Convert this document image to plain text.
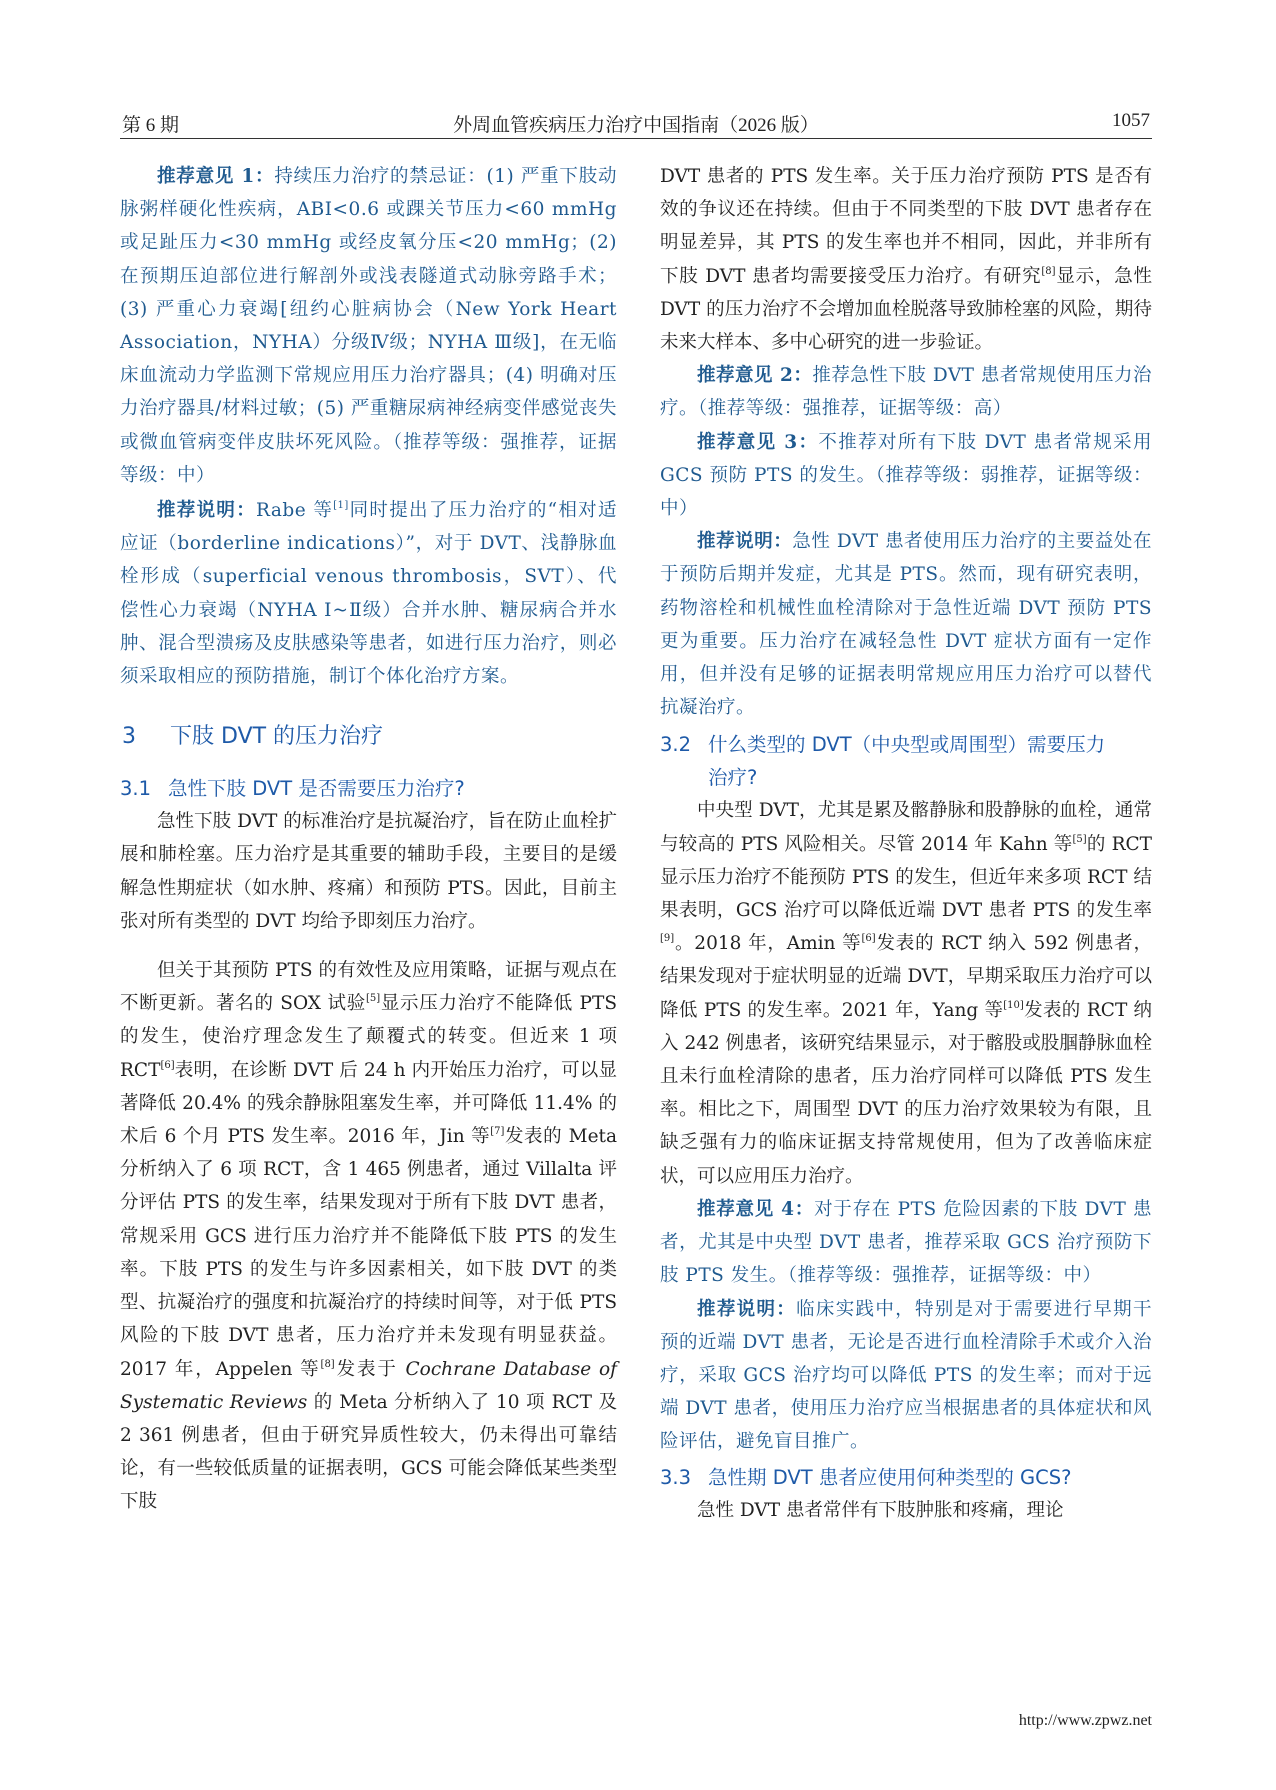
第 6 期	外周血管疾病压力治疗中国指南（2026 版）	1057

推荐意见 1：持续压力治疗的禁忌证：(1) 严重下肢动脉粥样硬化性疾病，ABI<0.6 或踝关节压力<60 mmHg 或足趾压力<30 mmHg 或经皮氧分压<20 mmHg；(2) 在预期压迫部位进行解剖外或浅表隧道式动脉旁路手术；(3) 严重心力衰竭[纽约心脏病协会（New York Heart Association，NYHA）分级Ⅳ级；NYHA Ⅲ级]，在无临床血流动力学监测下常规应用压力治疗器具；(4) 明确对压力治疗器具/材料过敏；(5) 严重糖尿病神经病变伴感觉丧失或微血管病变伴皮肤坏死风险。（推荐等级：强推荐，证据等级：中）

推荐说明：Rabe 等[1]同时提出了压力治疗的“相对适应证（borderline indications）”，对于 DVT、浅静脉血栓形成（superficial venous thrombosis，SVT）、代偿性心力衰竭（NYHA Ⅰ~Ⅱ级）合并水肿、糖尿病合并水肿、混合型溃疡及皮肤感染等患者，如进行压力治疗，则必须采取相应的预防措施，制订个体化治疗方案。

3 下肢 DVT 的压力治疗
3.1 急性下肢 DVT 是否需要压力治疗?

急性下肢 DVT 的标准治疗是抗凝治疗，旨在防止血栓扩展和肺栓塞。压力治疗是其重要的辅助手段，主要目的是缓解急性期症状（如水肿、疼痛）和预防 PTS。因此，目前主张对所有类型的 DVT 均给予即刻压力治疗。

但关于其预防 PTS 的有效性及应用策略，证据与观点在不断更新。著名的 SOX 试验[5]显示压力治疗不能降低 PTS 的发生，使治疗理念发生了颠覆式的转变。但近来 1 项 RCT[6]表明，在诊断 DVT 后 24 h 内开始压力治疗，可以显著降低 20.4% 的残余静脉阻塞发生率，并可降低 11.4% 的术后 6 个月 PTS 发生率。2016 年，Jin 等[7]发表的 Meta 分析纳入了 6 项 RCT，含 1 465 例患者，通过 Villalta 评分评估 PTS 的发生率，结果发现对于所有下肢 DVT 患者，常规采用 GCS 进行压力治疗并不能降低下肢 PTS 的发生率。下肢 PTS 的发生与许多因素相关，如下肢 DVT 的类型、抗凝治疗的强度和抗凝治疗的持续时间等，对于低 PTS 风险的下肢 DVT 患者，压力治疗并未发现有明显获益。2017 年，Appelen 等[8]发表于 Cochrane Database of Systematic Reviews 的 Meta 分析纳入了 10 项 RCT 及 2 361 例患者，但由于研究异质性较大，仍未得出可靠结论，有一些较低质量的证据表明，GCS 可能会降低某些类型下肢

DVT 患者的 PTS 发生率。关于压力治疗预防 PTS 是否有效的争议还在持续。但由于不同类型的下肢 DVT 患者存在明显差异，其 PTS 的发生率也并不相同，因此，并非所有下肢 DVT 患者均需要接受压力治疗。有研究[8]显示，急性 DVT 的压力治疗不会增加血栓脱落导致肺栓塞的风险，期待未来大样本、多中心研究的进一步验证。

推荐意见 2：推荐急性下肢 DVT 患者常规使用压力治疗。（推荐等级：强推荐，证据等级：高）

推荐意见 3：不推荐对所有下肢 DVT 患者常规采用 GCS 预防 PTS 的发生。（推荐等级：弱推荐，证据等级：中）

推荐说明：急性 DVT 患者使用压力治疗的主要益处在于预防后期并发症，尤其是 PTS。然而，现有研究表明，药物溶栓和机械性血栓清除对于急性近端 DVT 预防 PTS 更为重要。压力治疗在减轻急性 DVT 症状方面有一定作用，但并没有足够的证据表明常规应用压力治疗可以替代抗凝治疗。

3.2 什么类型的 DVT（中央型或周围型）需要压力
治疗?

中央型 DVT，尤其是累及髂静脉和股静脉的血栓，通常与较高的 PTS 风险相关。尽管 2014 年 Kahn 等[5]的 RCT 显示压力治疗不能预防 PTS 的发生，但近年来多项 RCT 结果表明，GCS 治疗可以降低近端 DVT 患者 PTS 的发生率[9]。2018 年，Amin 等[6]发表的 RCT 纳入 592 例患者，结果发现对于症状明显的近端 DVT，早期采取压力治疗可以降低 PTS 的发生率。2021 年，Yang 等[10]发表的 RCT 纳入 242 例患者，该研究结果显示，对于髂股或股腘静脉血栓且未行血栓清除的患者，压力治疗同样可以降低 PTS 发生率。相比之下，周围型 DVT 的压力治疗效果较为有限，且缺乏强有力的临床证据支持常规使用，但为了改善临床症状，可以应用压力治疗。

推荐意见 4：对于存在 PTS 危险因素的下肢 DVT 患者，尤其是中央型 DVT 患者，推荐采取 GCS 治疗预防下肢 PTS 发生。（推荐等级：强推荐，证据等级：中）

推荐说明：临床实践中，特别是对于需要进行早期干预的近端 DVT 患者，无论是否进行血栓清除手术或介入治疗，采取 GCS 治疗均可以降低 PTS 的发生率；而对于远端 DVT 患者，使用压力治疗应当根据患者的具体症状和风险评估，避免盲目推广。

3.3 急性期 DVT 患者应使用何种类型的 GCS?

急性 DVT 患者常伴有下肢肿胀和疼痛，理论

http://www.zpwz.net
